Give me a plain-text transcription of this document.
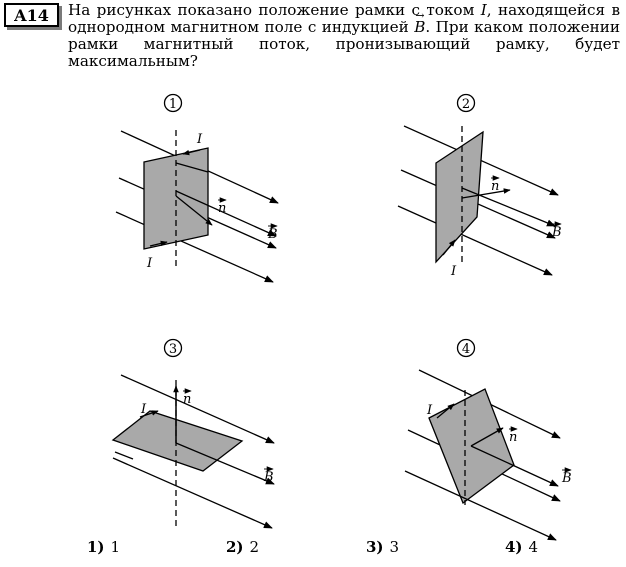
A14 На рисунках показано положение рамки с током I, находящейся в однородном магнитном поле с индукцией → B. При каком положении рамки магнитный поток, пронизывающий рамку, будет максимальным?
1
I
I
n
B
2
I
n
B
3
I
n
B
4
I
n
B
1) 1	2) 2	3) 3	4) 4
